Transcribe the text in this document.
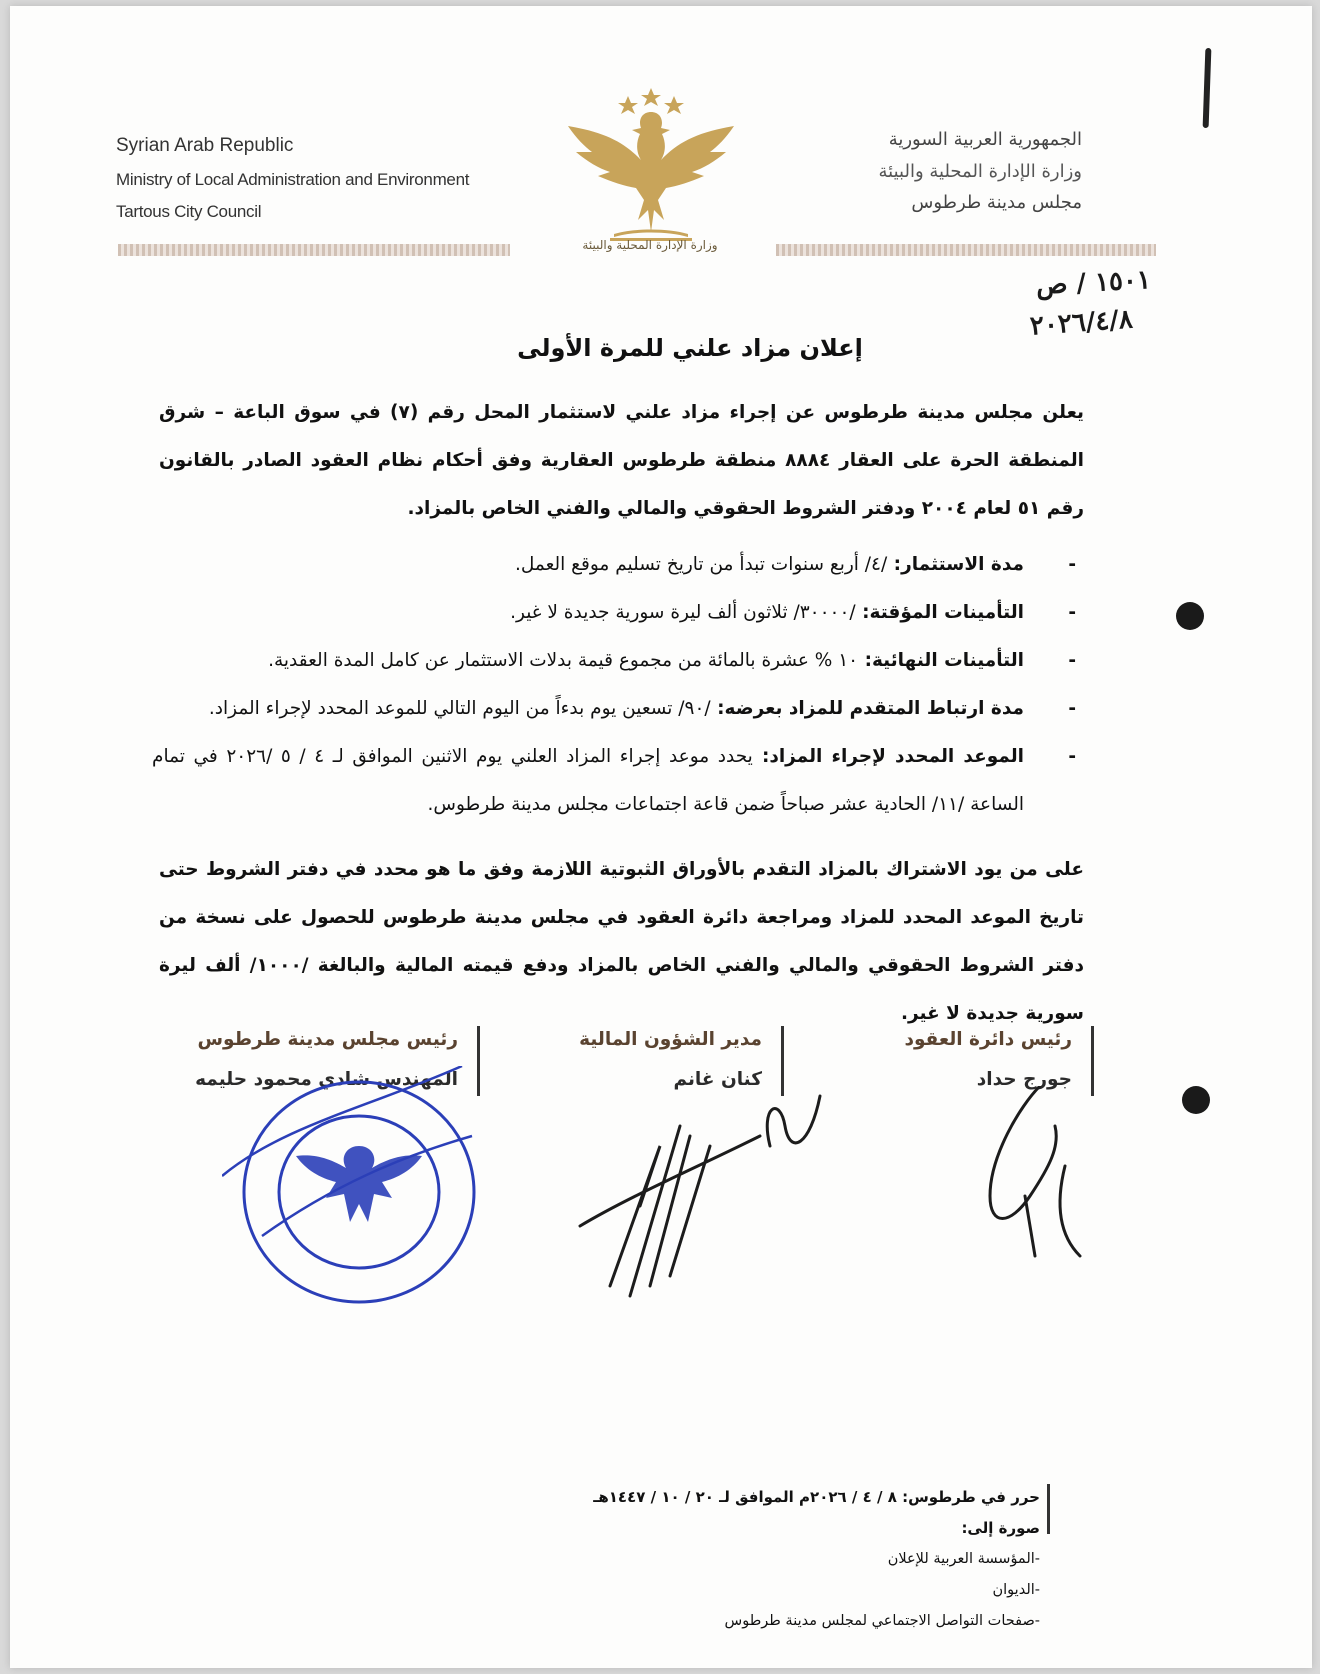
Syrian Arab Republic
Ministry of Local Administration and Environment
Tartous City Council
الجمهورية العربية السورية
وزارة الإدارة المحلية والبيئة
مجلس مدينة طرطوس
وزارة الإدارة المحلية والبيئة
١٥٠١ / ص
٢٠٢٦/٤/٨
إعلان مزاد علني للمرة الأولى

يعلن مجلس مدينة طرطوس عن إجراء مزاد علني لاستثمار المحل رقم (٧) في سوق الباعة – شرق المنطقة الحرة على العقار ٨٨٨٤ منطقة طرطوس العقارية وفق أحكام نظام العقود الصادر بالقانون رقم ٥١ لعام ٢٠٠٤ ودفتر الشروط الحقوقي والمالي والفني الخاص بالمزاد.

- مدة الاستثمار: /٤/ أربع سنوات تبدأ من تاريخ تسليم موقع العمل.
- التأمينات المؤقتة: /٣٠٠٠٠/ ثلاثون ألف ليرة سورية جديدة لا غير.
- التأمينات النهائية: ١٠ % عشرة بالمائة من مجموع قيمة بدلات الاستثمار عن كامل المدة العقدية.
- مدة ارتباط المتقدم للمزاد بعرضه: /٩٠/ تسعين يوم بدءاً من اليوم التالي للموعد المحدد لإجراء المزاد.
- الموعد المحدد لإجراء المزاد: يحدد موعد إجراء المزاد العلني يوم الاثنين الموافق لـ ٤ / ٥ /٢٠٢٦ في تمام الساعة /١١/ الحادية عشر صباحاً ضمن قاعة اجتماعات مجلس مدينة طرطوس.

على من يود الاشتراك بالمزاد التقدم بالأوراق الثبوتية اللازمة وفق ما هو محدد في دفتر الشروط حتى تاريخ الموعد المحدد للمزاد ومراجعة دائرة العقود في مجلس مدينة طرطوس للحصول على نسخة من دفتر الشروط الحقوقي والمالي والفني الخاص بالمزاد ودفع قيمته المالية والبالغة /١٠٠٠/ ألف ليرة سورية جديدة لا غير.

رئيس مجلس مدينة طرطوس
المهندس شادي محمود حليمه
مدير الشؤون المالية
كنان غانم
رئيس دائرة العقود
جورج حداد
حرر في طرطوس: ٨ / ٤ / ٢٠٢٦م الموافق لـ ٢٠ / ١٠ / ١٤٤٧هـ
صورة إلى:
-المؤسسة العربية للإعلان
-الديوان
-صفحات التواصل الاجتماعي لمجلس مدينة طرطوس
